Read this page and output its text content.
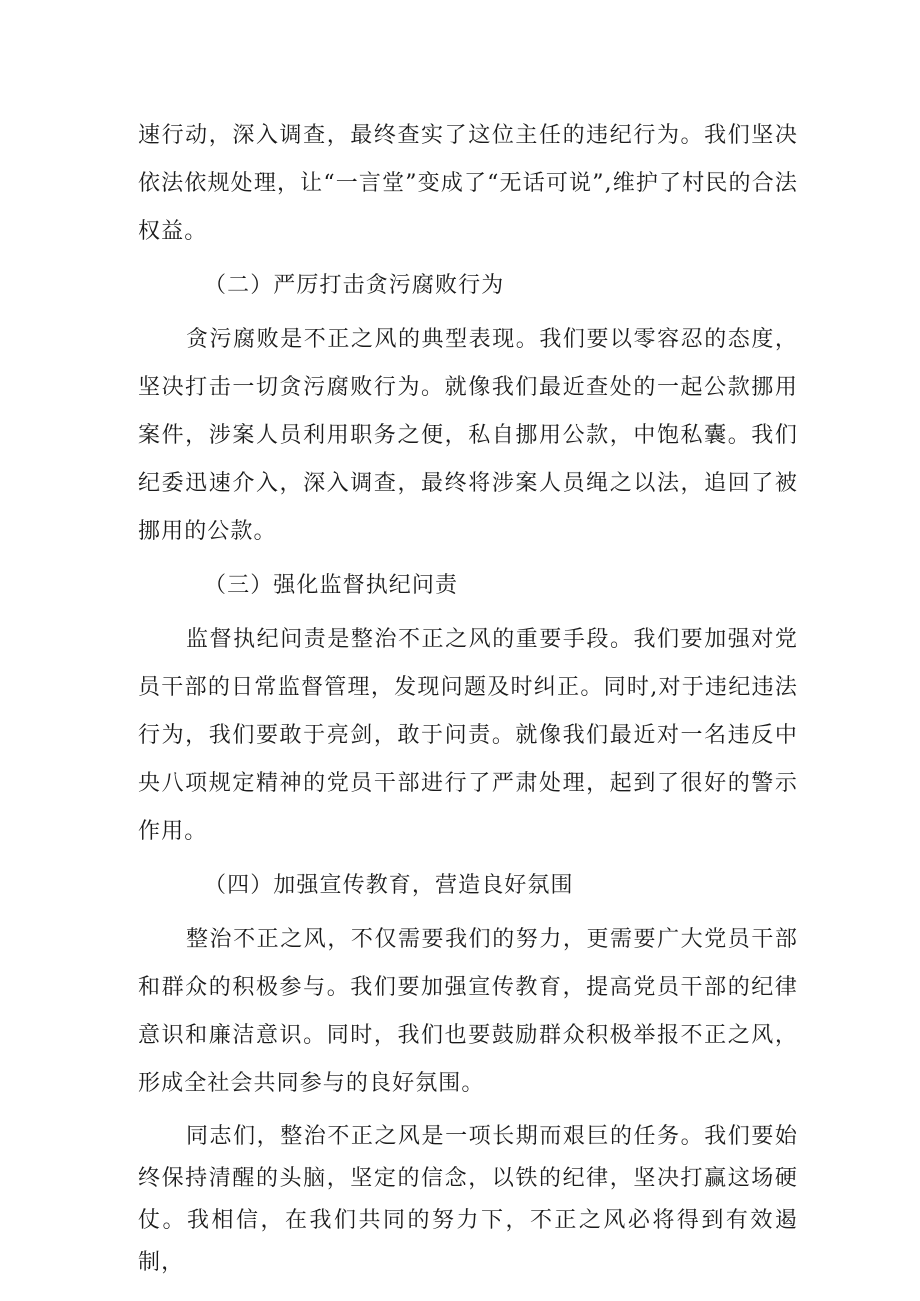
速行动，深入调查，最终查实了这位主任的违纪行为。我们坚决依法依规处理，让“一言堂”变成了“无话可说”,维护了村民的合法权益。

（二）严厉打击贪污腐败行为

贪污腐败是不正之风的典型表现。我们要以零容忍的态度，坚决打击一切贪污腐败行为。就像我们最近查处的一起公款挪用案件，涉案人员利用职务之便，私自挪用公款，中饱私囊。我们纪委迅速介入，深入调查，最终将涉案人员绳之以法，追回了被挪用的公款。

（三）强化监督执纪问责

监督执纪问责是整治不正之风的重要手段。我们要加强对党员干部的日常监督管理，发现问题及时纠正。同时,对于违纪违法行为，我们要敢于亮剑，敢于问责。就像我们最近对一名违反中央八项规定精神的党员干部进行了严肃处理，起到了很好的警示作用。

（四）加强宣传教育，营造良好氛围

整治不正之风，不仅需要我们的努力，更需要广大党员干部和群众的积极参与。我们要加强宣传教育，提高党员干部的纪律意识和廉洁意识。同时，我们也要鼓励群众积极举报不正之风，形成全社会共同参与的良好氛围。

同志们，整治不正之风是一项长期而艰巨的任务。我们要始终保持清醒的头脑，坚定的信念，以铁的纪律，坚决打赢这场硬仗。我相信，在我们共同的努力下，不正之风必将得到有效遏制，
